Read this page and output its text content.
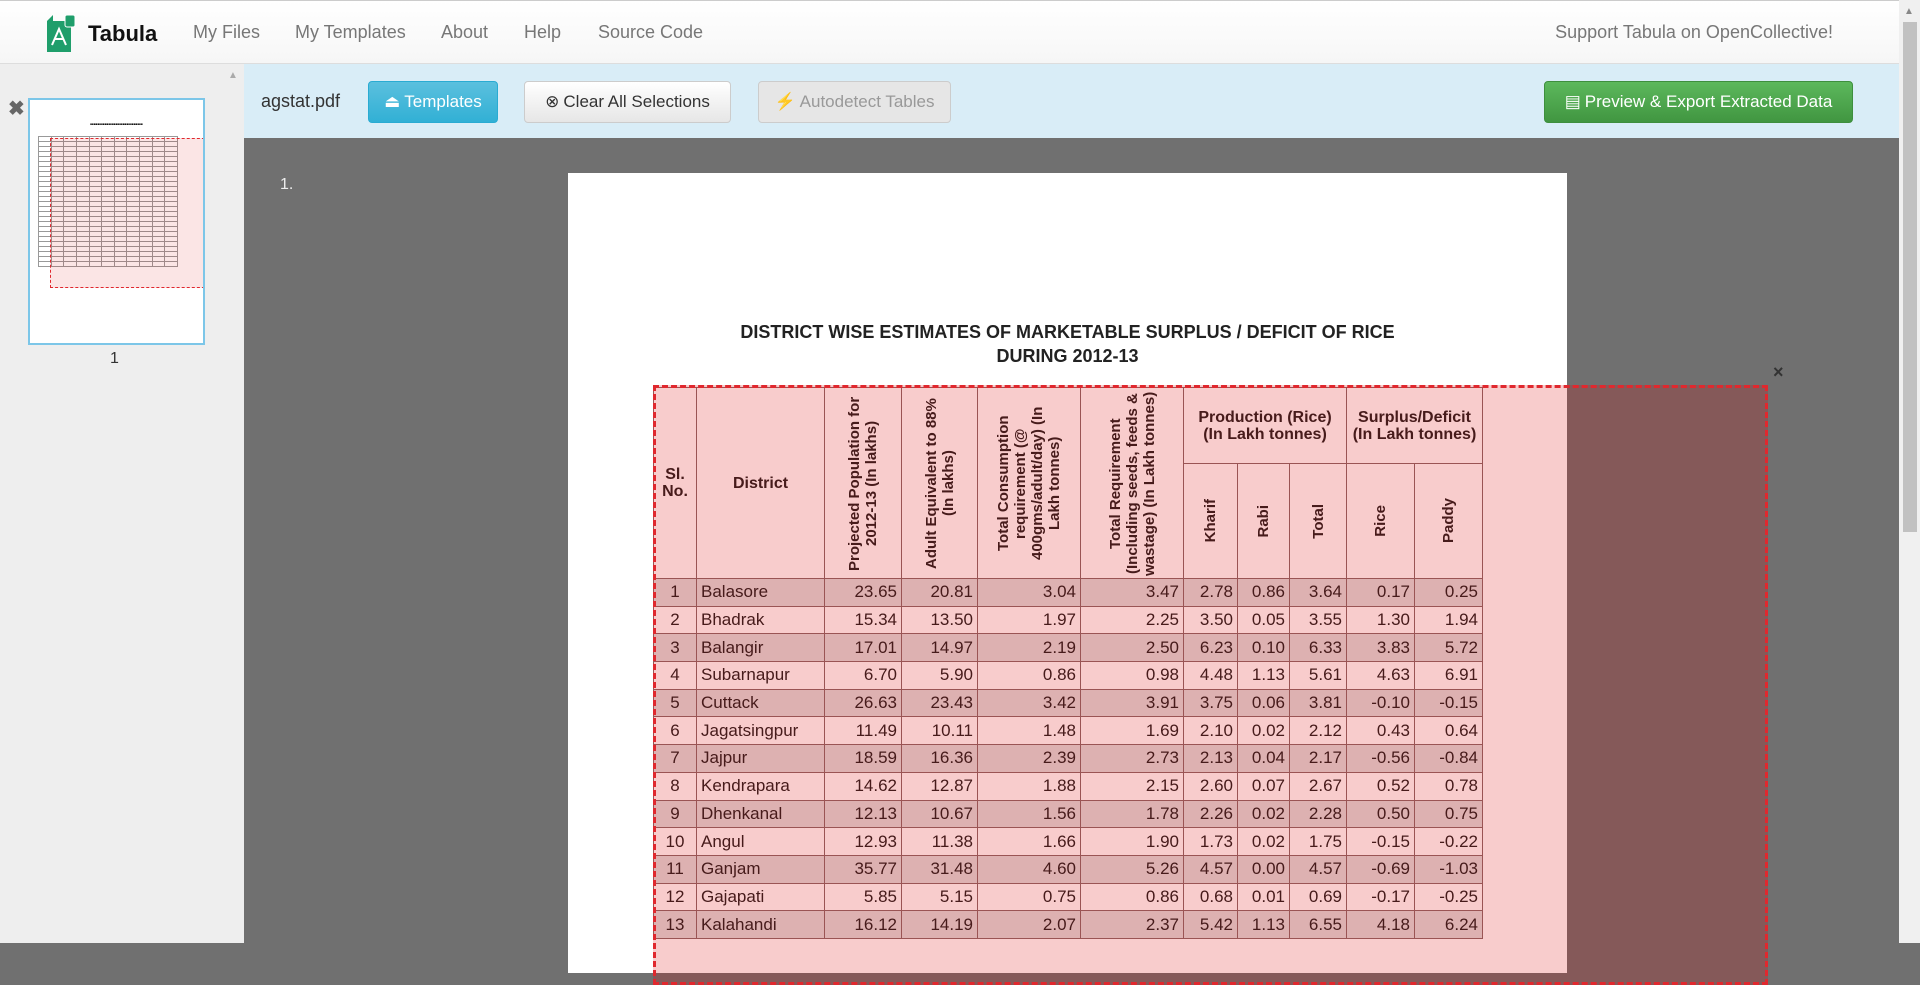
Tabula My Files My Templates About Help Source Code	Support Tabula on OpenCollective!
▲
✖
■■■■■■■■■■■■■■■■■■■■■■■■■■■■■

1
agstat.pdf	⏏ Templates	⊗ Clear All Selections	⚡ Autodetect Tables	▤ Preview & Export Extracted Data
1.
DISTRICT WISE ESTIMATES OF MARKETABLE SURPLUS / DEFICIT OF RICE
DURING 2012-13
Sl. No.	District	Projected Population for 2012-13 (In lakhs)	Adult Equivalent to 88% (In lakhs)	Total Consumption requirement (@ 400gms/adult/day) (In Lakh tonnes)	Total Requirement (Including seeds, feeds & wastage) (In Lakh tonnes)	Production (Rice) (In Lakh tonnes)			Surplus/Deficit (In Lakh tonnes)	

						Kharif	Rabi	Total	Rice	Paddy

1	Balasore	23.65	20.81	3.04	3.47	2.78	0.86	3.64	0.17	0.25
2	Bhadrak	15.34	13.50	1.97	2.25	3.50	0.05	3.55	1.30	1.94
3	Balangir	17.01	14.97	2.19	2.50	6.23	0.10	6.33	3.83	5.72
4	Subarnapur	6.70	5.90	0.86	0.98	4.48	1.13	5.61	4.63	6.91
5	Cuttack	26.63	23.43	3.42	3.91	3.75	0.06	3.81	-0.10	-0.15
6	Jagatsingpur	11.49	10.11	1.48	1.69	2.10	0.02	2.12	0.43	0.64
7	Jajpur	18.59	16.36	2.39	2.73	2.13	0.04	2.17	-0.56	-0.84
8	Kendrapara	14.62	12.87	1.88	2.15	2.60	0.07	2.67	0.52	0.78
9	Dhenkanal	12.13	10.67	1.56	1.78	2.26	0.02	2.28	0.50	0.75
10	Angul	12.93	11.38	1.66	1.90	1.73	0.02	1.75	-0.15	-0.22
11	Ganjam	35.77	31.48	4.60	5.26	4.57	0.00	4.57	-0.69	-1.03
12	Gajapati	5.85	5.15	0.75	0.86	0.68	0.01	0.69	-0.17	-0.25
13	Kalahandi	16.12	14.19	2.07	2.37	5.42	1.13	6.55	4.18	6.24
×
▲
